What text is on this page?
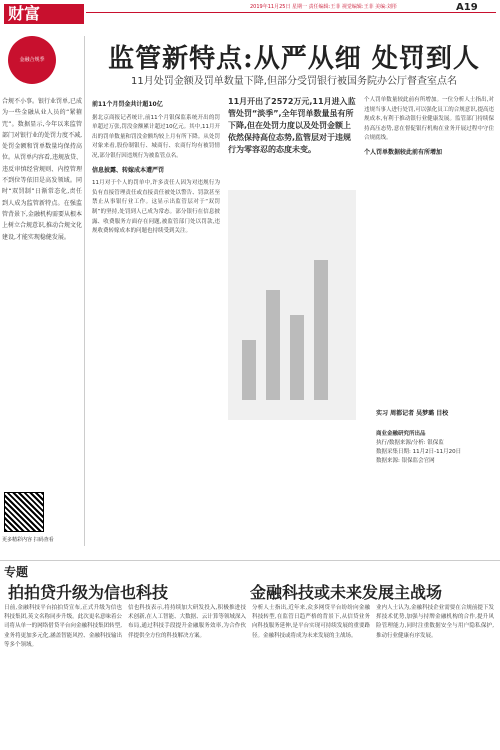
财富	2019年11月25日 星期一 责任编辑:王菲 视觉编辑:王菲 美编:刘彤	A19
金融合规季
合规不小事。银行业罚单,已成为一些金融从业人员的“紧箍咒”。数据显示,今年以来监管部门对银行业的处罚力度不减,处罚金额和罚单数量均保持高位。从罚单内容看,违规放贷、违反审慎经营规则、内控管理不到位等依旧是高发领域。同时“双罚制”日渐常态化,责任到人成为监管新特点。在强监管背景下,金融机构需要从根本上树立合规意识,推动合规文化建设,才能实现稳健发展。
更多精彩内容 扫码查看
监管新特点:从严从细 处罚到人
11月处罚金额及罚单数量下降,但部分受罚银行被国务院办公厅督查室点名
前11个月罚金共计超10亿
据北京商报记者统计,前11个月银保监系统开出的罚单超过万张,罚没金额累计超过10亿元。其中,11月开出的罚单数量和罚没金额均较上月有所下降。从处罚对象来看,股份制银行、城商行、农商行均有被罚情况,部分银行因违规行为被监管点名。
信息披露、转嫁成本遭严罚
11月对于个人的罚单中,许多责任人因为对违规行为负有直接管理责任或直接责任被处以警告、罚款甚至禁止从事银行业工作。这显示出监管层对于“双罚制”的坚持,处罚到人已成为常态。部分银行在信息披露、收费服务方面存在问题,被监管部门处以罚款,违规收费转嫁成本的问题也持续受到关注。
11月开出了2572万元,11月进入监管处罚“淡季”,全年罚单数量虽有所下降,但在处罚力度以及处罚金额上依然保持高位态势,监管层对于违规行为零容忍的态度未变。
个人罚单数量较此前有所增加。一位分析人士指出,对违规当事人进行处罚,可以强化员工的合规意识,提高违规成本,有利于推动银行业健康发展。监管部门持续保持高压态势,意在督促银行机构在业务开展过程中守住合规底线。
个人罚单数据较此前有所增加
实习 周都记者 吴梦璐 目校
商业金融研究所出品
执行/数据来源/分析: 银保监
数据采集日期: 11月2日-11月20日
数据来源: 银保监会官网
专题
拍拍贷升级为信也科技	金融科技或未来发展主战场
日前,金融科技平台拍拍贷宣布,正式升级为信也科技集团,英文名称同步升级。此次更名意味着公司将从单一的网络借贷平台向金融科技集团转型,业务将更加多元化,涵盖智能风控、金融科技输出等多个领域。
信也科技表示,将持续加大研发投入,积极推进技术创新,在人工智能、大数据、云计算等领域深入布局,通过科技手段提升金融服务效率,为合作伙伴提供全方位的科技解决方案。
分析人士指出,近年来,众多网贷平台纷纷向金融科技转型,在监管日趋严格的背景下,从信贷业务向科技服务延伸,是平台实现可持续发展的重要路径。金融科技或将成为未来发展的主战场。
业内人士认为,金融科技企业需要在合规前提下发挥技术优势,加强与持牌金融机构的合作,提升风险管理能力,同时注重数据安全与用户隐私保护,推动行业健康有序发展。
